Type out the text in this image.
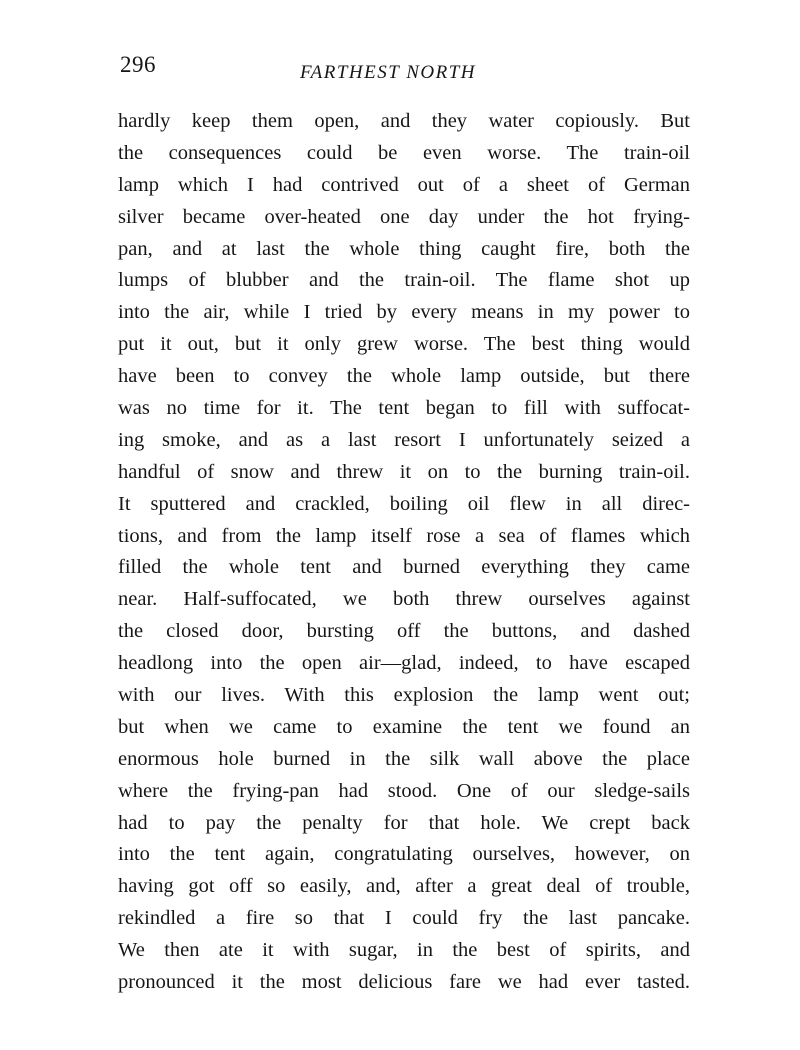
296	FARTHEST NORTH
hardly keep them open, and they water copiously. But
the consequences could be even worse. The train-oil
lamp which I had contrived out of a sheet of German
silver became over-heated one day under the hot frying-
pan, and at last the whole thing caught fire, both the
lumps of blubber and the train-oil. The flame shot up
into the air, while I tried by every means in my power to
put it out, but it only grew worse. The best thing would
have been to convey the whole lamp outside, but there
was no time for it. The tent began to fill with suffocat-
ing smoke, and as a last resort I unfortunately seized a
handful of snow and threw it on to the burning train-oil.
It sputtered and crackled, boiling oil flew in all direc-
tions, and from the lamp itself rose a sea of flames which
filled the whole tent and burned everything they came
near. Half-suffocated, we both threw ourselves against
the closed door, bursting off the buttons, and dashed
headlong into the open air—glad, indeed, to have escaped
with our lives. With this explosion the lamp went out;
but when we came to examine the tent we found an
enormous hole burned in the silk wall above the place
where the frying-pan had stood. One of our sledge-sails
had to pay the penalty for that hole. We crept back
into the tent again, congratulating ourselves, however, on
having got off so easily, and, after a great deal of trouble,
rekindled a fire so that I could fry the last pancake.
We then ate it with sugar, in the best of spirits, and
pronounced it the most delicious fare we had ever tasted.
